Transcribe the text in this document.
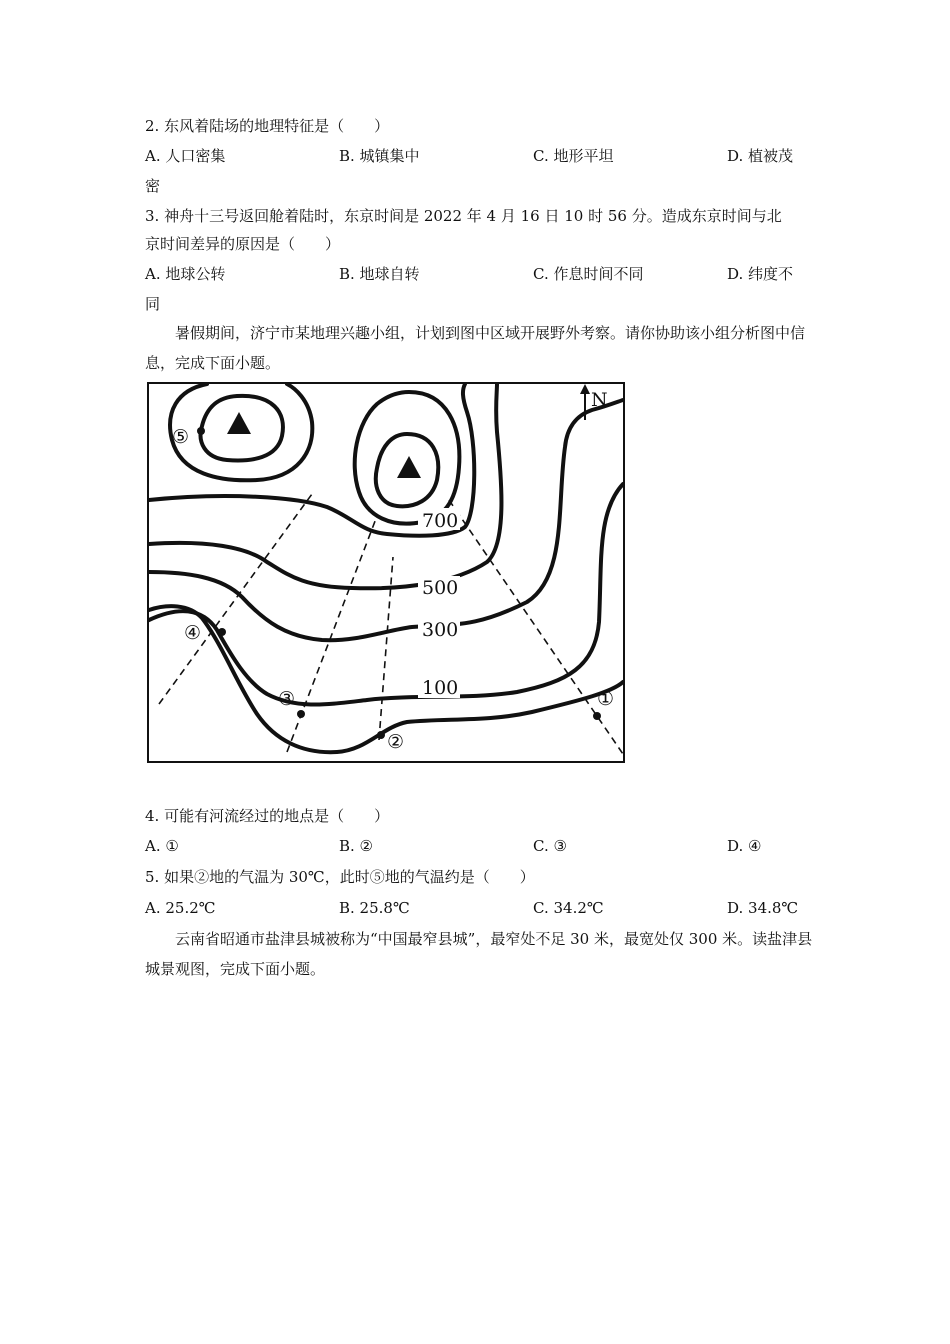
2. 东风着陆场的地理特征是（　　）
A. 人口密集	B. 城镇集中	C. 地形平坦	D. 植被茂
密
3. 神舟十三号返回舱着陆时，东京时间是 2022 年 4 月 16 日 10 时 56 分。造成东京时间与北
京时间差异的原因是（　　）
A. 地球公转	B. 地球自转	C. 作息时间不同	D. 纬度不
同
暑假期间，济宁市某地理兴趣小组，计划到图中区域开展野外考察。请你协助该小组分析图中信息，完成下面小题。
N
700
500
300
100	①
②
③
④
⑤
4. 可能有河流经过的地点是（　　）
A. ①	B. ②	C. ③	D. ④
5. 如果②地的气温为 30℃，此时⑤地的气温约是（　　）
A. 25.2℃	B. 25.8℃	C. 34.2℃	D. 34.8℃
云南省昭通市盐津县城被称为“中国最窄县城”，最窄处不足 30 米，最宽处仅 300 米。读盐津县城景观图，完成下面小题。
